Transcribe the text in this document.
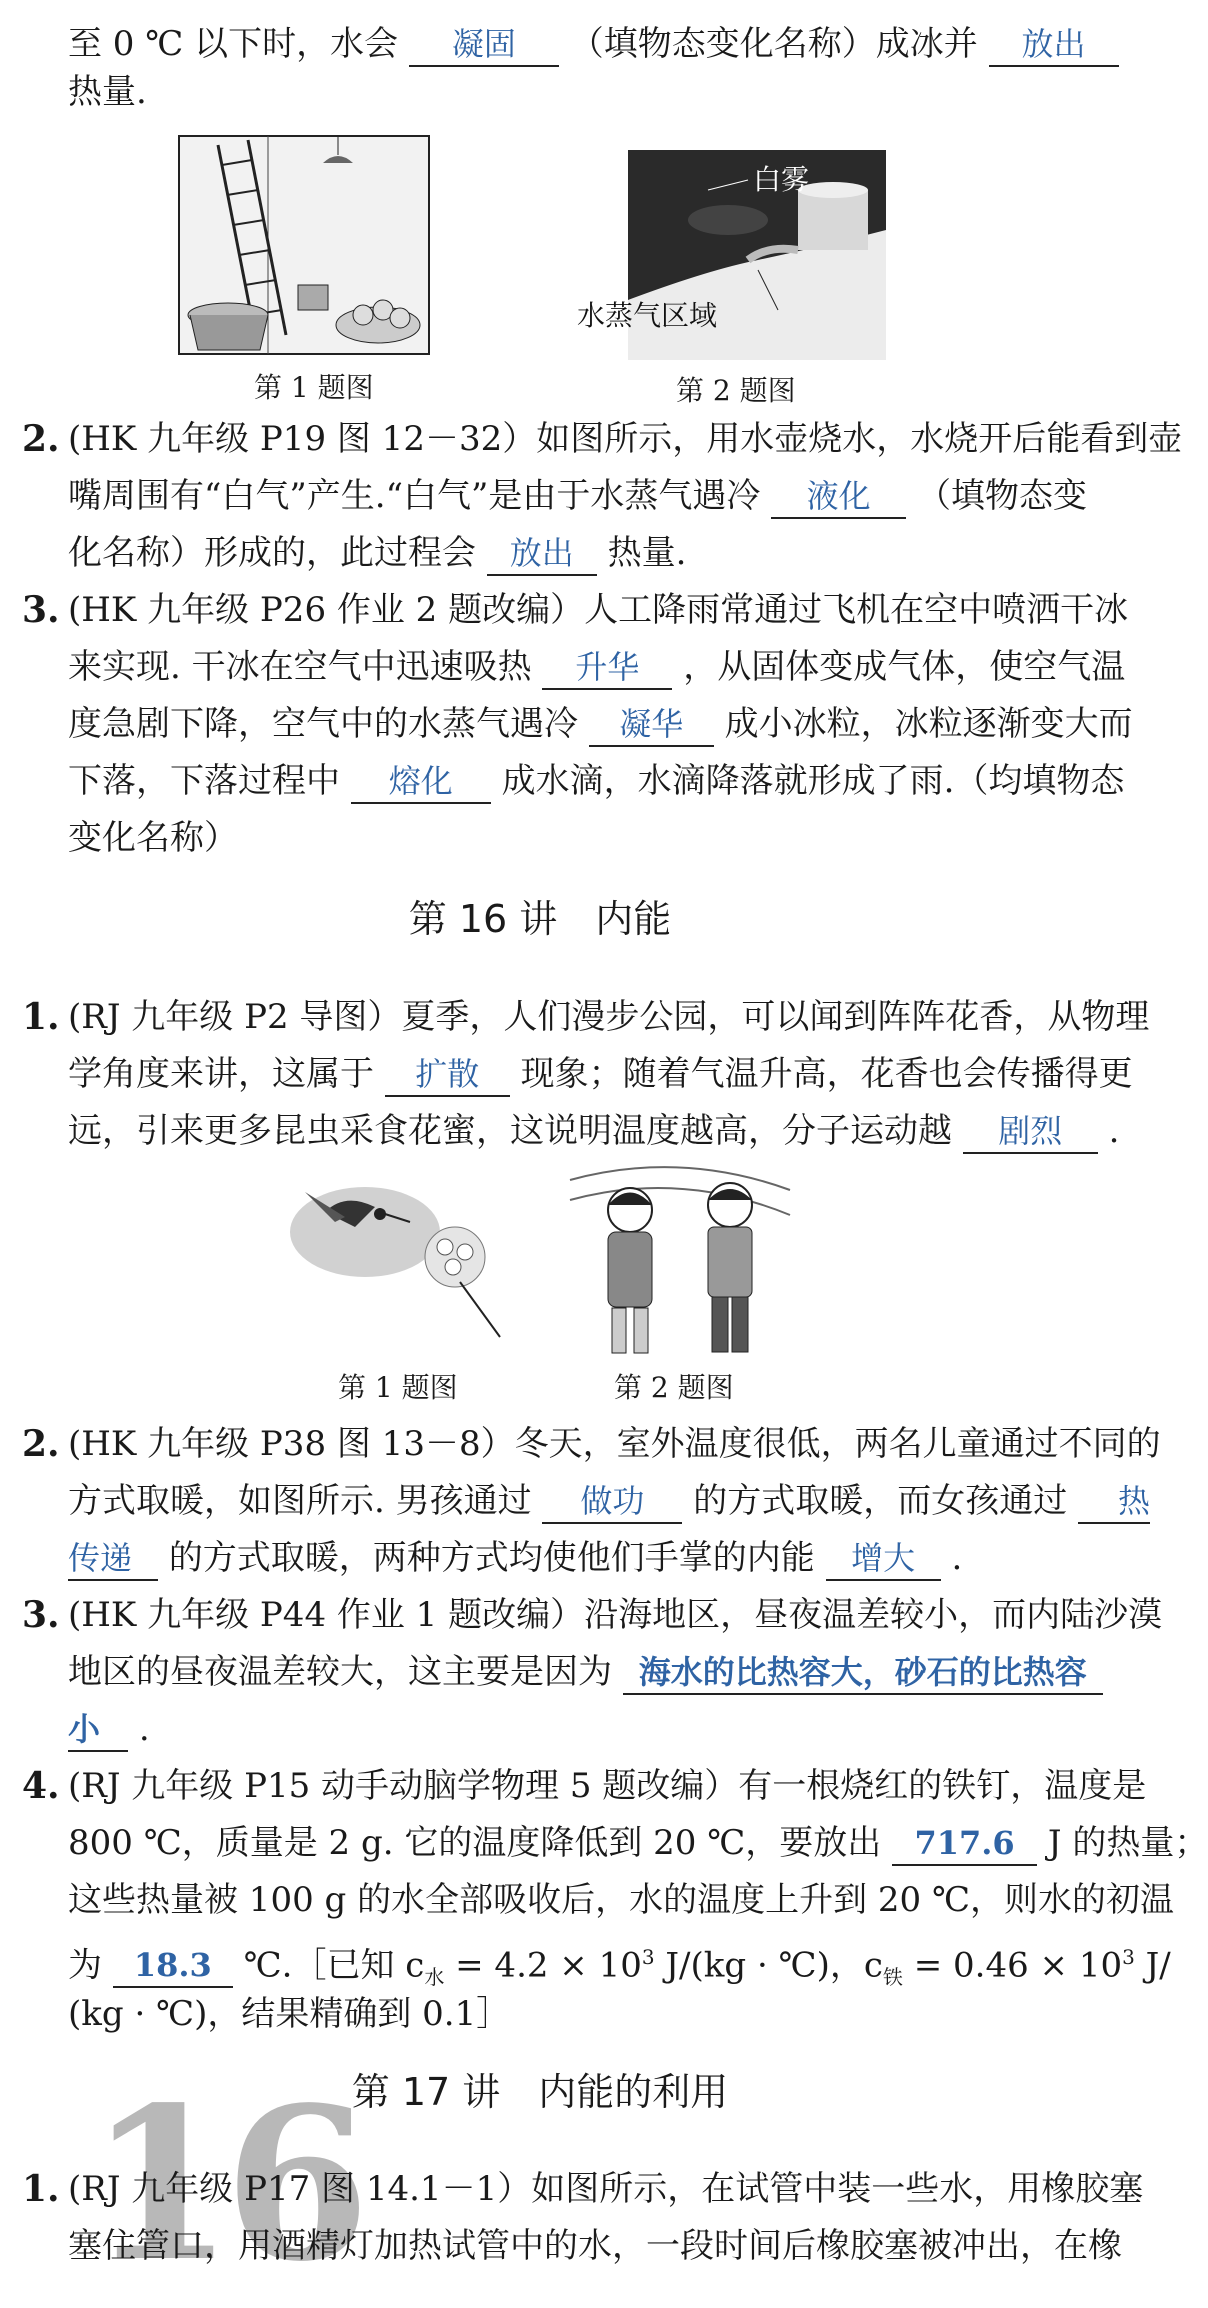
至 0 ℃ 以下时，水会 凝固 （填物态变化名称）成冰并 放出
热量.
第 1 题图
白雾
水蒸气区域
第 2 题图
2. (HK 九年级 P19 图 12－32）如图所示，用水壶烧水，水烧开后能看到壶
嘴周围有“白气”产生.“白气”是由于水蒸气遇冷 液化 （填物态变
化名称）形成的，此过程会 放出 热量.
3. (HK 九年级 P26 作业 2 题改编）人工降雨常通过飞机在空中喷洒干冰
来实现. 干冰在空气中迅速吸热 升华 ，从固体变成气体，使空气温
度急剧下降，空气中的水蒸气遇冷 凝华 成小冰粒，冰粒逐渐变大而
下落，下落过程中 熔化 成水滴，水滴降落就形成了雨.（均填物态
变化名称）
第 16 讲　内能
1. (RJ 九年级 P2 导图）夏季，人们漫步公园，可以闻到阵阵花香，从物理
学角度来讲，这属于 扩散 现象；随着气温升高，花香也会传播得更
远，引来更多昆虫采食花蜜，这说明温度越高，分子运动越 剧烈 .
第 1 题图	第 2 题图
2. (HK 九年级 P38 图 13－8）冬天，室外温度很低，两名儿童通过不同的
方式取暖，如图所示. 男孩通过 做功 的方式取暖，而女孩通过 热
传递 的方式取暖，两种方式均使他们手掌的内能 增大 .
3. (HK 九年级 P44 作业 1 题改编）沿海地区，昼夜温差较小，而内陆沙漠
地区的昼夜温差较大，这主要是因为 海水的比热容大，砂石的比热容
小 .
4. (RJ 九年级 P15 动手动脑学物理 5 题改编）有一根烧红的铁钉，温度是
800 ℃，质量是 2 g. 它的温度降低到 20 ℃，要放出 717.6 J 的热量；
这些热量被 100 g 的水全部吸收后，水的温度上升到 20 ℃，则水的初温
为 18.3 ℃.［已知 $c_水 = 4.2 \times 10^3$ J/(kg · ℃)，$c_铁 = 0.46 \times 10^3$ J/
(kg · ℃)，结果精确到 0.1］
16
第 17 讲　内能的利用
1. (RJ 九年级 P17 图 14.1－1）如图所示，在试管中装一些水，用橡胶塞
塞住管口，用酒精灯加热试管中的水，一段时间后橡胶塞被冲出，在橡
